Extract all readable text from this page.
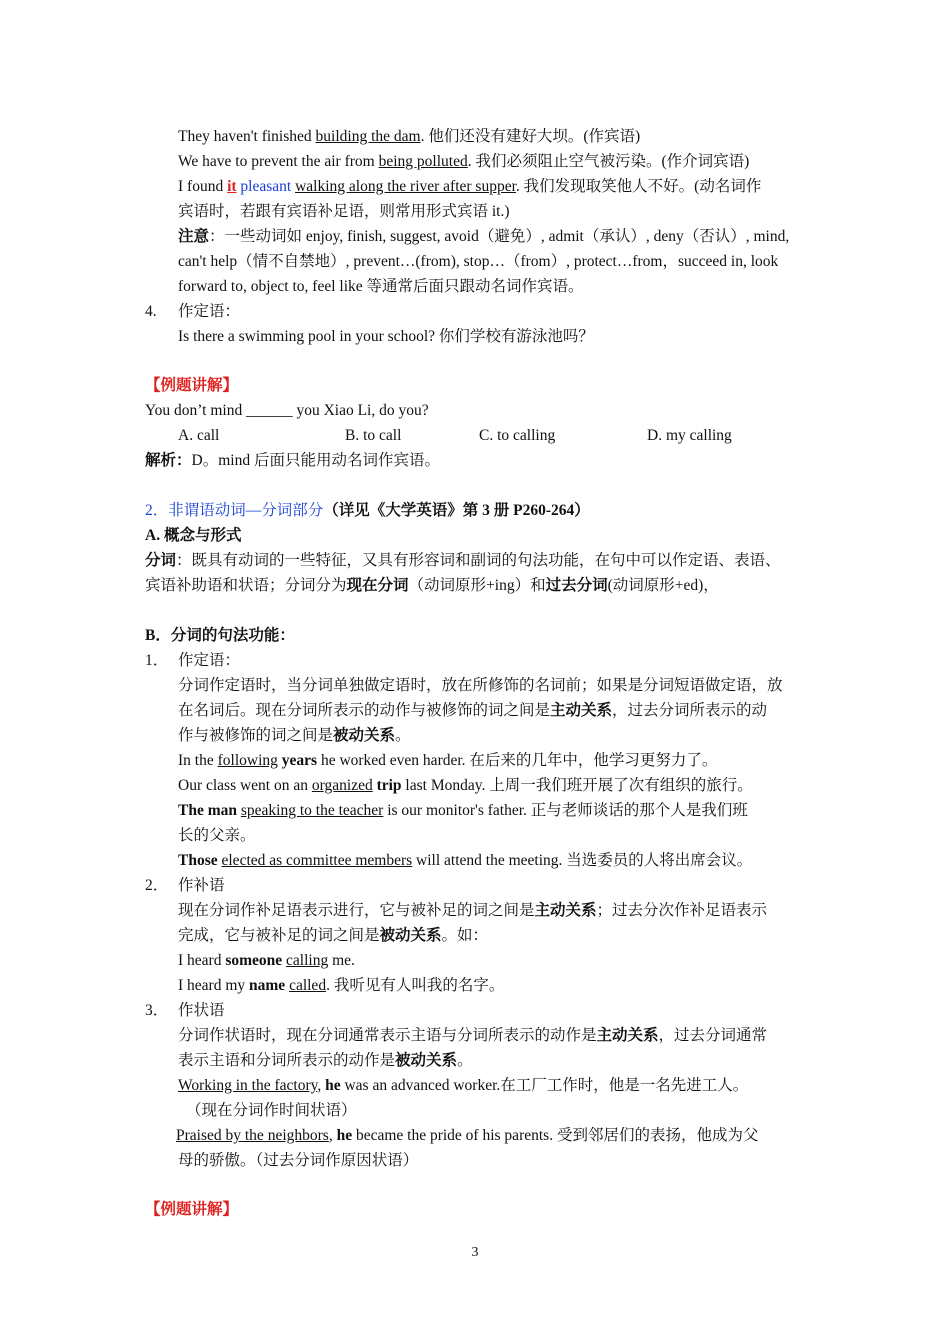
They haven't finished building the dam. 他们还没有建好大坝。(作宾语)
We have to prevent the air from being polluted. 我们必须阻止空气被污染。(作介词宾语)
I found it pleasant walking along the river after supper. 我们发现取笑他人不好。(动名词作
宾语时，若跟有宾语补足语，则常用形式宾语 it.)
注意：一些动词如 enjoy, finish, suggest, avoid（避免）, admit（承认）, deny（否认）, mind,
can't help（情不自禁地）, prevent…(from), stop…（from）, protect…from，succeed in, look
forward to, object to, feel like 等通常后面只跟动名词作宾语。
4. 作定语：
Is there a swimming pool in your school? 你们学校有游泳池吗？
【例题讲解】
You don’t mind ______ you Xiao Li, do you?
A. call	B. to call	C. to calling	D. my calling
解析：D。mind 后面只能用动名词作宾语。
2．非谓语动词—分词部分（详见《大学英语》第 3 册 P260-264）
A. 概念与形式
分词：既具有动词的一些特征，又具有形容词和副词的句法功能，在句中可以作定语、表语、
宾语补助语和状语；分词分为现在分词（动词原形+ing）和过去分词(动词原形+ed)，
B．分词的句法功能：
1． 作定语：
分词作定语时，当分词单独做定语时，放在所修饰的名词前；如果是分词短语做定语，放
在名词后。现在分词所表示的动作与被修饰的词之间是主动关系，过去分词所表示的动
作与被修饰的词之间是被动关系。
In the following years he worked even harder. 在后来的几年中，他学习更努力了。
Our class went on an organized trip last Monday. 上周一我们班开展了次有组织的旅行。
The man speaking to the teacher is our monitor's father. 正与老师谈话的那个人是我们班
长的父亲。
Those elected as committee members will attend the meeting. 当选委员的人将出席会议。
2． 作补语
现在分词作补足语表示进行，它与被补足的词之间是主动关系；过去分次作补足语表示
完成，它与被补足的词之间是被动关系。如：
I heard someone calling me.
I heard my name called. 我听见有人叫我的名字。
3． 作状语
分词作状语时，现在分词通常表示主语与分词所表示的动作是主动关系，过去分词通常
表示主语和分词所表示的动作是被动关系。
Working in the factory, he was an advanced worker.在工厂工作时，他是一名先进工人。
（现在分词作时间状语）
Praised by the neighbors, he became the pride of his parents. 受到邻居们的表扬，他成为父
母的骄傲。（过去分词作原因状语）
【例题讲解】
3
